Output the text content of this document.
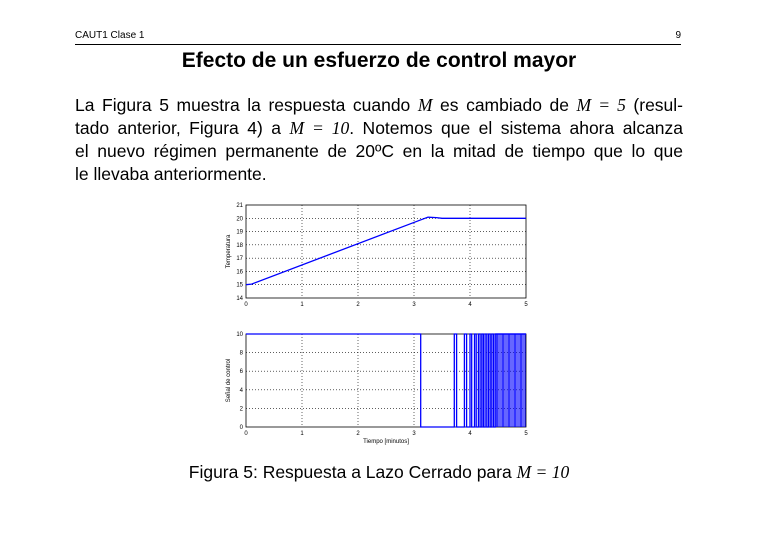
CAUT1 Clase 1	9
Efecto de un esfuerzo de control mayor
La Figura 5 muestra la respuesta cuando M es cambiado de M = 5 (resul-
tado anterior, Figura 4) a M = 10. Notemos que el sistema ahora alcanza
el nuevo régimen permanente de 20ºC en la mitad de tiempo que lo que
le llevaba anteriormente.
0	1	2	3	4	5
14
15
16
17
18
19
20
21
Temperatura
0	1	2	3	4	5
0
2
4
6
8
10
Señal de control
Tiempo [minutos]
Figura 5: Respuesta a Lazo Cerrado para M = 10
